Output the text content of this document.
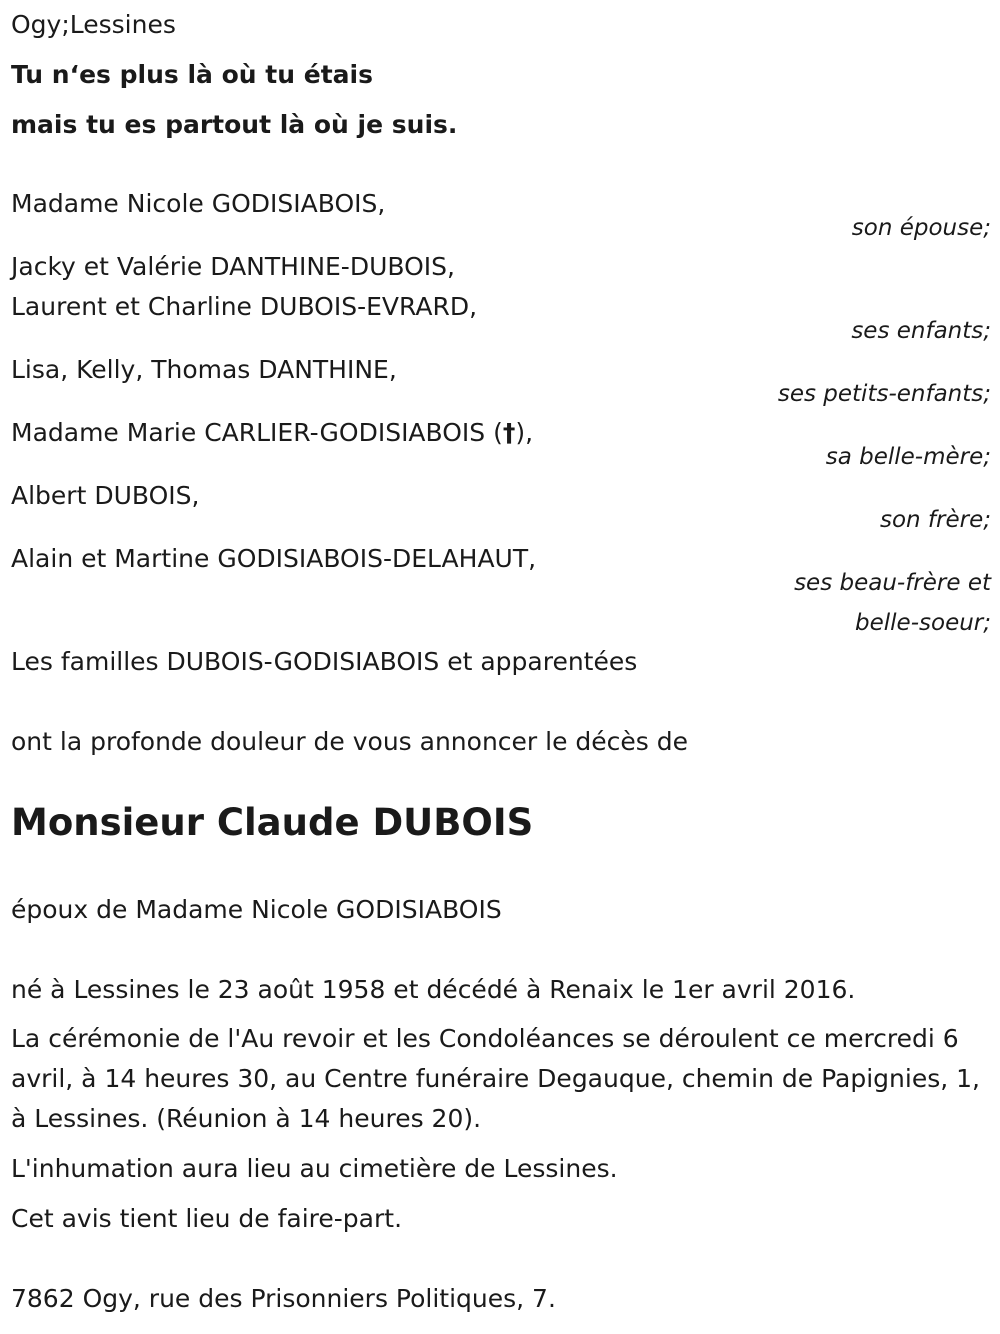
Ogy;Lessines
Tu n‘es plus là où tu étais
mais tu es partout là où je suis.
Madame Nicole GODISIABOIS,
son épouse;
Jacky et Valérie DANTHINE-DUBOIS,
Laurent et Charline DUBOIS-EVRARD,
ses enfants;
Lisa, Kelly, Thomas DANTHINE,
ses petits-enfants;
Madame Marie CARLIER-GODISIABOIS (†),
sa belle-mère;
Albert DUBOIS,
son frère;
Alain et Martine GODISIABOIS-DELAHAUT,
ses beau-frère et
belle-soeur;
Les familles DUBOIS-GODISIABOIS et apparentées
ont la profonde douleur de vous annoncer le décès de
Monsieur Claude DUBOIS
époux de Madame Nicole GODISIABOIS
né à Lessines le 23 août 1958 et décédé à Renaix le 1er avril 2016.
La cérémonie de l'Au revoir et les Condoléances se déroulent ce mercredi 6 avril, à 14 heures 30, au Centre funéraire Degauque, chemin de Papignies, 1, à Lessines. (Réunion à 14 heures 20).
L'inhumation aura lieu au cimetière de Lessines.
Cet avis tient lieu de faire-part.
7862 Ogy, rue des Prisonniers Politiques, 7.
